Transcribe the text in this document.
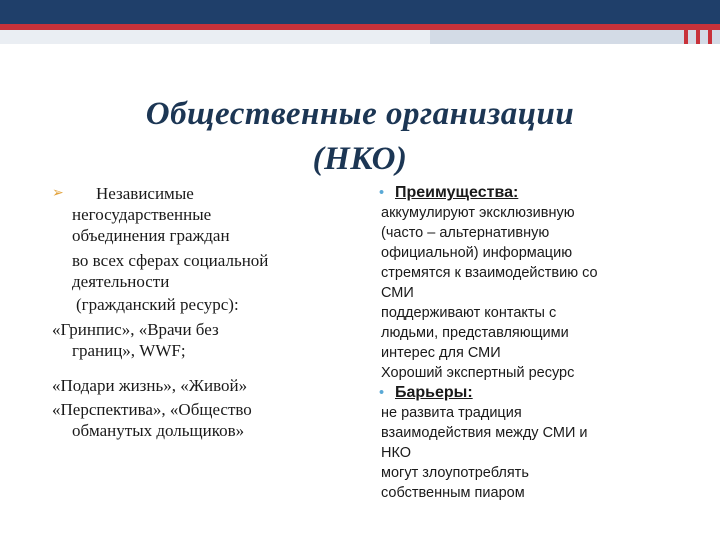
Общественные организации
(НКО)
➢	Независимые
негосударственные
объединения граждан
во всех сферах социальной
деятельности
(гражданский ресурс):
«Гринпис», «Врачи без
границ», WWF;
«Подари жизнь», «Живой»
«Перспектива», «Общество
обманутых дольщиков»
• Преимущества:
аккумулируют эксклюзивную
(часто – альтернативную
официальной) информацию
стремятся к взаимодействию со
СМИ
поддерживают контакты с
людьми, представляющими
интерес для СМИ
Хороший экспертный ресурс
• Барьеры:
не развита традиция
взаимодействия между СМИ и
НКО
могут злоупотреблять
собственным пиаром
